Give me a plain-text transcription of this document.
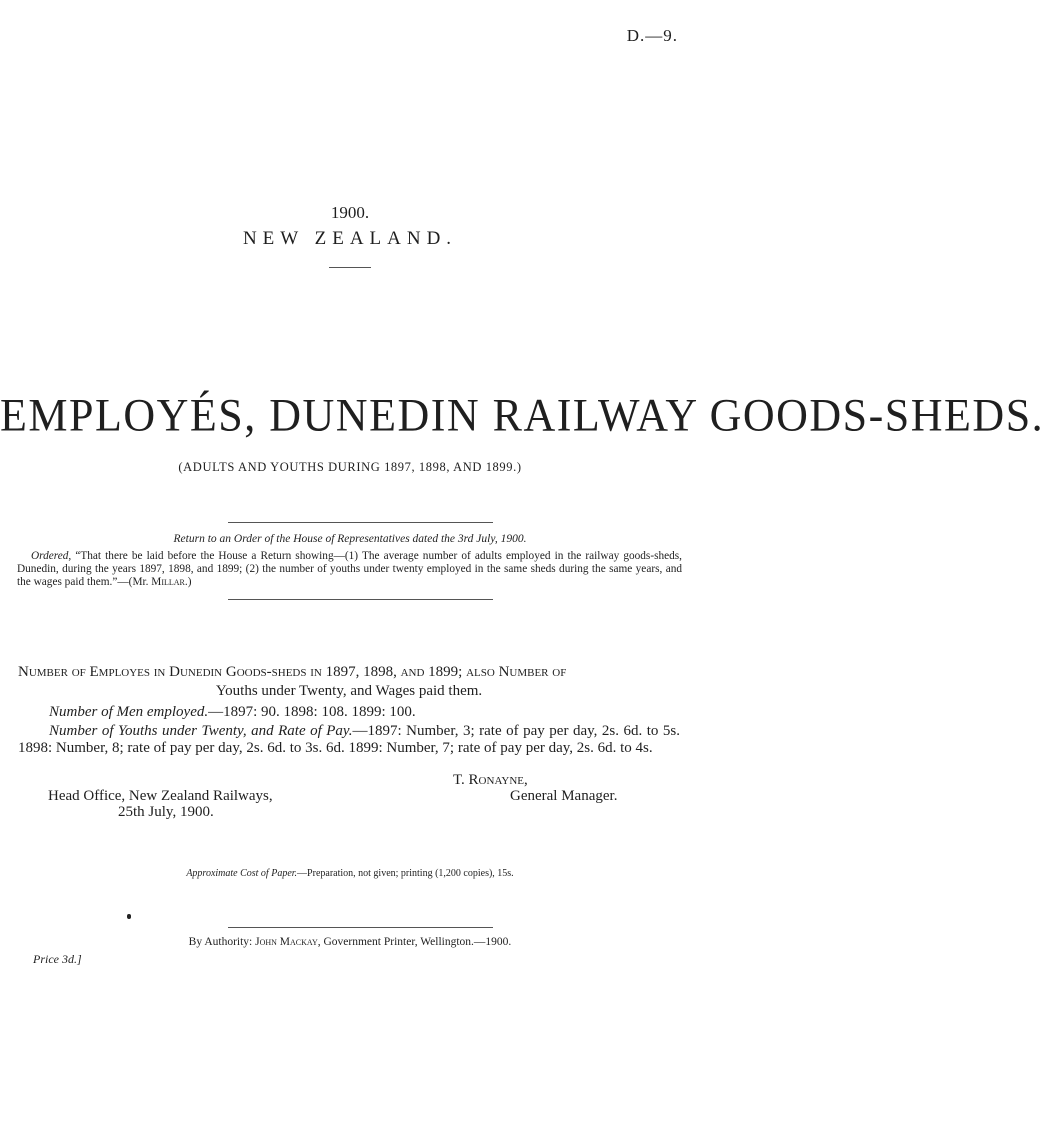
D.—9.
1900.
NEW ZEALAND.
EMPLOYÉS, DUNEDIN RAILWAY GOODS-SHEDS.
(ADULTS AND YOUTHS DURING 1897, 1898, AND 1899.)
Return to an Order of the House of Representatives dated the 3rd July, 1900.
Ordered, “That there be laid before the House a Return showing—(1) The average number of adults employed in the railway goods-sheds, Dunedin, during the years 1897, 1898, and 1899; (2) the number of youths under twenty employed in the same sheds during the same years, and the wages paid them.”—(Mr. Millar.)
Number of Employes in Dunedin Goods-sheds in 1897, 1898, and 1899; also Number of
Youths under Twenty, and Wages paid them.
Number of Men employed.—1897: 90. 1898: 108. 1899: 100.
Number of Youths under Twenty, and Rate of Pay.—1897: Number, 3; rate of pay per day, 2s. 6d. to 5s. 1898: Number, 8; rate of pay per day, 2s. 6d. to 3s. 6d. 1899: Number, 7; rate of pay per day, 2s. 6d. to 4s.
T. Ronayne,
General Manager.
Head Office, New Zealand Railways,
25th July, 1900.
Approximate Cost of Paper.—Preparation, not given; printing (1,200 copies), 15s.
By Authority: John Mackay, Government Printer, Wellington.—1900.
Price 3d.]
